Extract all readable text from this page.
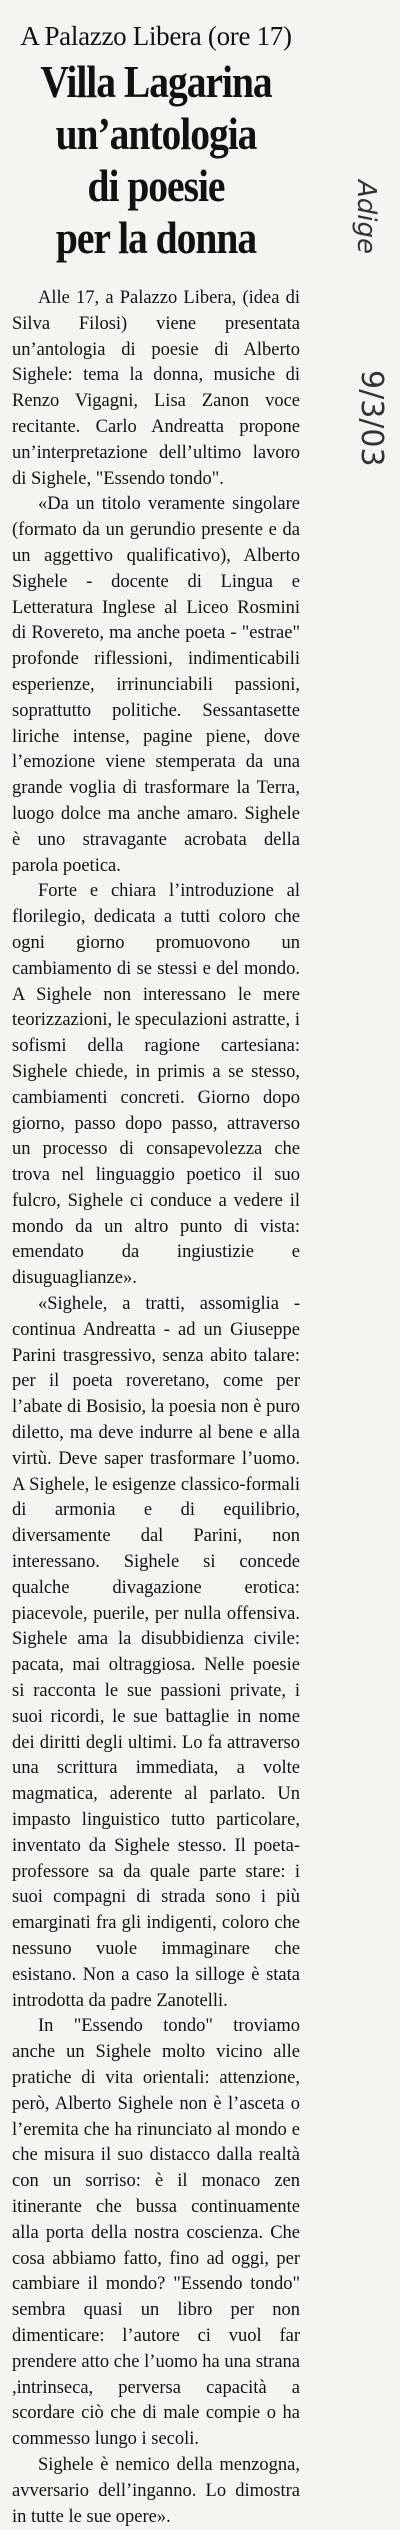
A Palazzo Libera (ore 17)
Villa Lagarina
un’antologia
di poesie
per la donna

Alle 17, a Palazzo Libera, (idea di Silva Filosi) viene presentata un’antologia di poesie di Alberto Sighele: tema la donna, musiche di Renzo Vigagni, Lisa Zanon voce recitante. Carlo Andreatta propone un’interpretazione dell’ultimo lavoro di Sighele, "Essendo tondo".

«Da un titolo veramente singolare (formato da un gerundio presente e da un aggettivo qualificativo), Alberto Sighele - docente di Lingua e Letteratura Inglese al Liceo Rosmini di Rovereto, ma anche poeta - "estrae" profonde riflessioni, indimenticabili esperienze, irrinunciabili passioni, soprattutto politiche. Sessantasette liriche intense, pagine piene, dove l’emozione viene stemperata da una grande voglia di trasformare la Terra, luogo dolce ma anche amaro. Sighele è uno stravagante acrobata della parola poetica.

Forte e chiara l’introduzione al florilegio, dedicata a tutti coloro che ogni giorno promuovono un cambiamento di se stessi e del mondo. A Sighele non interessano le mere teorizzazioni, le speculazioni astratte, i sofismi della ragione cartesiana: Sighele chiede, in primis a se stesso, cambiamenti concreti. Giorno dopo giorno, passo dopo passo, attraverso un processo di consapevolezza che trova nel linguaggio poetico il suo fulcro, Sighele ci conduce a vedere il mondo da un altro punto di vista: emendato da ingiustizie e disuguaglianze».

«Sighele, a tratti, assomiglia - continua Andreatta - ad un Giuseppe Parini trasgressivo, senza abito talare: per il poeta roveretano, come per l’abate di Bosisio, la poesia non è puro diletto, ma deve indurre al bene e alla virtù. Deve saper trasformare l’uomo. A Sighele, le esigenze classico-formali di armonia e di equilibrio, diversamente dal Parini, non interessano. Sighele si concede qualche divagazione erotica: piacevole, puerile, per nulla offensiva. Sighele ama la disubbidienza civile: pacata, mai oltraggiosa. Nelle poesie si racconta le sue passioni private, i suoi ricordi, le sue battaglie in nome dei diritti degli ultimi. Lo fa attraverso una scrittura immediata, a volte magmatica, aderente al parlato. Un impasto linguistico tutto particolare, inventato da Sighele stesso. Il poeta-professore sa da quale parte stare: i suoi compagni di strada sono i più emarginati fra gli indigenti, coloro che nessuno vuole immaginare che esistano. Non a caso la silloge è stata introdotta da padre Zanotelli.

In "Essendo tondo" troviamo anche un Sighele molto vicino alle pratiche di vita orientali: attenzione, però, Alberto Sighele non è l’asceta o l’eremita che ha rinunciato al mondo e che misura il suo distacco dalla realtà con un sorriso: è il monaco zen itinerante che bussa continuamente alla porta della nostra coscienza. Che cosa abbiamo fatto, fino ad oggi, per cambiare il mondo? "Essendo tondo" sembra quasi un libro per non dimenticare: l’autore ci vuol far prendere atto che l’uomo ha una strana ,intrinseca, perversa capacità a scordare ciò che di male compie o ha commesso lungo i secoli.

Sighele è nemico della menzogna, avversario dell’inganno. Lo dimostra in tutte le sue opere».

Adige
9/3/03
